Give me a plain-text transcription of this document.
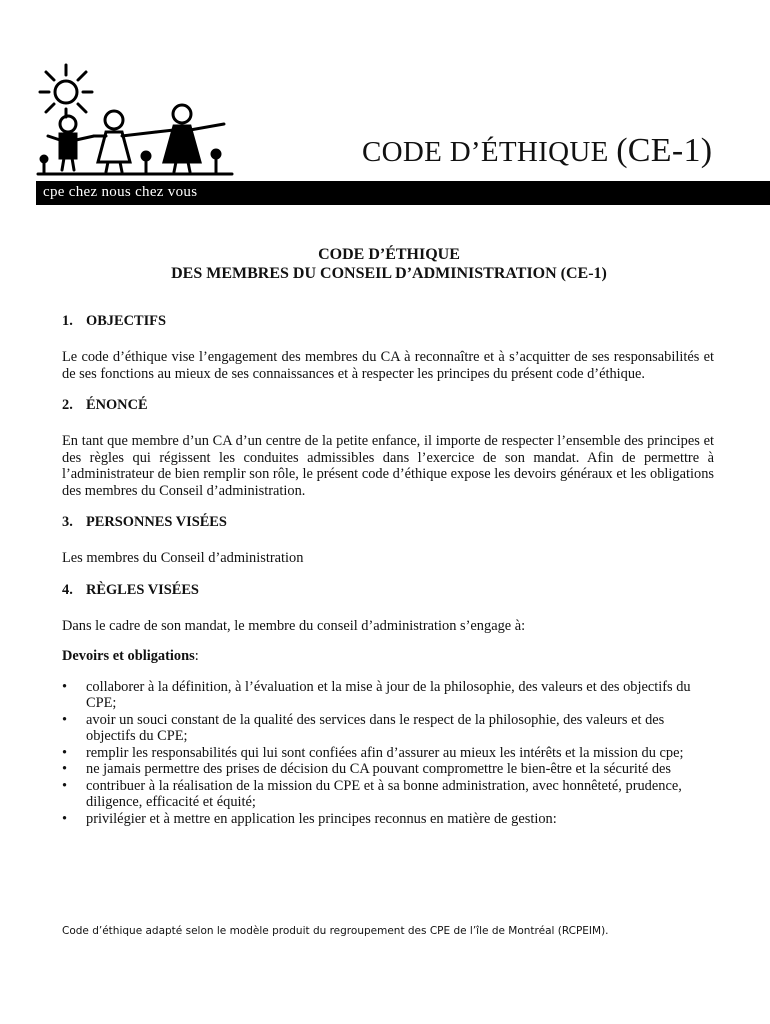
CODE D’ÉTHIQUE (CE-1)
cpe chez nous chez vous
CODE D’ÉTHIQUE
DES MEMBRES DU CONSEIL D’ADMINISTRATION (CE-1)
1. OBJECTIFS

Le code d’éthique vise l’engagement des membres du CA à reconnaître et à s’acquitter de ses responsabilités et de ses fonctions au mieux de ses connaissances et à respecter les principes du présent code d’éthique.

2. ÉNONCÉ

En tant que membre d’un CA d’un centre de la petite enfance, il importe de respecter l’ensemble des principes et des règles qui régissent les conduites admissibles dans l’exercice de son mandat. Afin de permettre à l’administrateur de bien remplir son rôle, le présent code d’éthique expose les devoirs généraux et les obligations des membres du Conseil d’administration.

3. PERSONNES VISÉES

Les membres du Conseil d’administration

4. RÈGLES VISÉES

Dans le cadre de son mandat, le membre du conseil d’administration s’engage à:

Devoirs et obligations:

•	collaborer à la définition, à l’évaluation et la mise à jour de la philosophie, des valeurs et des objectifs du CPE;
•	avoir un souci constant de la qualité des services dans le respect de la philosophie, des valeurs et des objectifs du CPE;
•	remplir les responsabilités qui lui sont confiées afin d’assurer au mieux les intérêts et la mission du cpe;
•	ne jamais permettre des prises de décision du CA pouvant compromettre le bien-être et la sécurité des
•	contribuer à la réalisation de la mission du CPE et à sa bonne administration, avec honnêteté, prudence, diligence, efficacité et équité;
•	privilégier et à mettre en application les principes reconnus en matière de gestion:
Code d’éthique adapté selon le modèle produit du regroupement des CPE de l’île de Montréal (RCPEIM).
